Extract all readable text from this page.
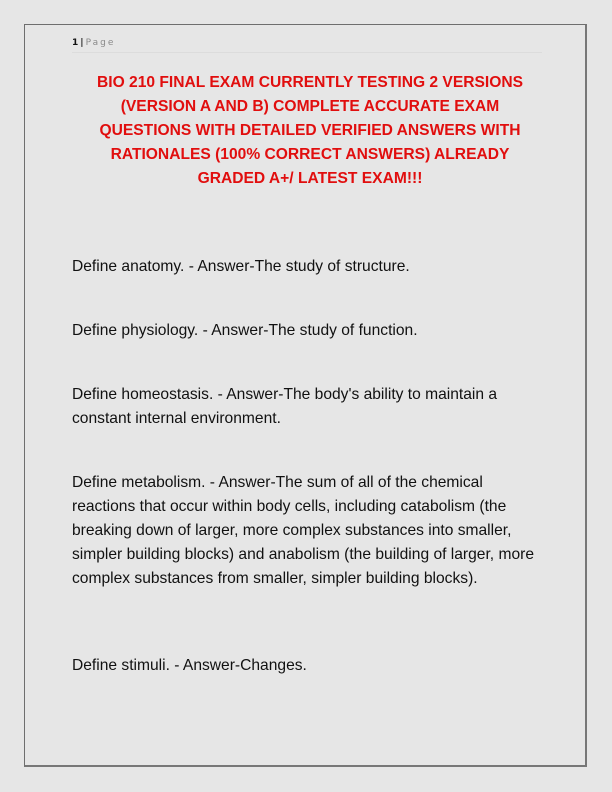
1 | Page
BIO 210 FINAL EXAM CURRENTLY TESTING 2 VERSIONS (VERSION A AND B) COMPLETE ACCURATE EXAM QUESTIONS WITH DETAILED VERIFIED ANSWERS WITH RATIONALES (100% CORRECT ANSWERS) ALREADY GRADED A+/ LATEST EXAM!!!

Define anatomy. - Answer-The study of structure.

Define physiology. - Answer-The study of function.

Define homeostasis. - Answer-The body's ability to maintain a constant internal environment.

Define metabolism. - Answer-The sum of all of the chemical reactions that occur within body cells, including catabolism (the breaking down of larger, more complex substances into smaller, simpler building blocks) and anabolism (the building of larger, more complex substances from smaller, simpler building blocks).

Define stimuli. - Answer-Changes.
